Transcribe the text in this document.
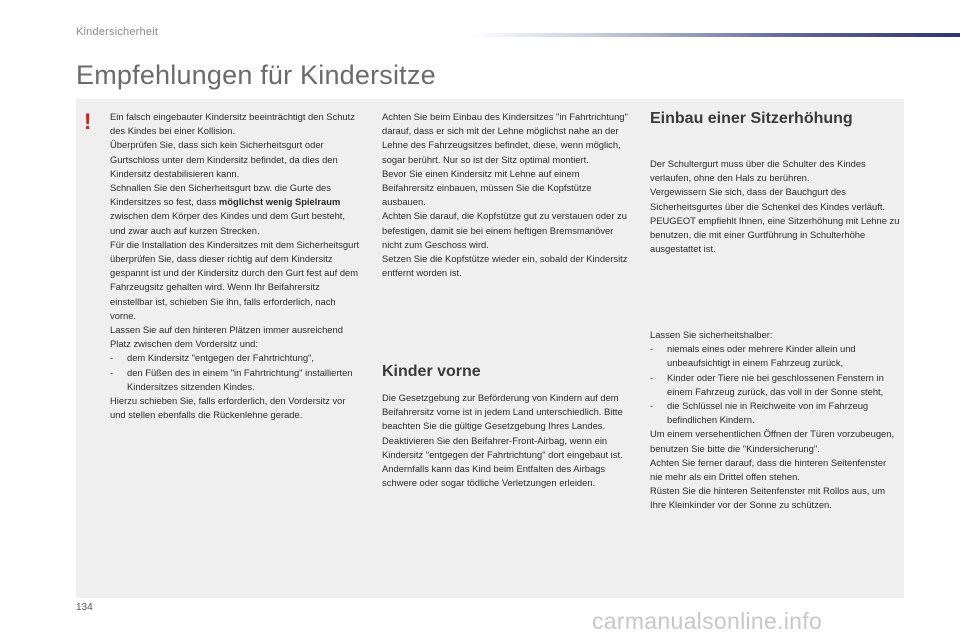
Kindersicherheit
Empfehlungen für Kindersitze
! Ein falsch eingebauter Kindersitz beeinträchtigt den Schutz des Kindes bei einer Kollision.

Überprüfen Sie, dass sich kein Sicherheitsgurt oder Gurtschloss unter dem Kindersitz befindet, da dies den Kindersitz destabilisieren kann.

Schnallen Sie den Sicherheitsgurt bzw. die Gurte des Kindersitzes so fest, dass möglichst wenig Spielraum zwischen dem Körper des Kindes und dem Gurt besteht, und zwar auch auf kurzen Strecken.

Für die Installation des Kindersitzes mit dem Sicherheitsgurt überprüfen Sie, dass dieser richtig auf dem Kindersitz gespannt ist und der Kindersitz durch den Gurt fest auf dem Fahrzeugsitz gehalten wird. Wenn Ihr Beifahrersitz einstellbar ist, schieben Sie ihn, falls erforderlich, nach vorne.

Lassen Sie auf den hinteren Plätzen immer ausreichend Platz zwischen dem Vordersitz und:

- dem Kindersitz "entgegen der Fahrtrichtung",

- den Füßen des in einem "in Fahrtrichtung" installierten Kindersitzes sitzenden Kindes.

Hierzu schieben Sie, falls erforderlich, den Vordersitz vor und stellen ebenfalls die Rückenlehne gerade.

Achten Sie beim Einbau des Kindersitzes "in Fahrtrichtung" darauf, dass er sich mit der Lehne möglichst nahe an der Lehne des Fahrzeugsitzes befindet, diese, wenn möglich, sogar berührt. Nur so ist der Sitz optimal montiert.

Bevor Sie einen Kindersitz mit Lehne auf einem Beifahrersitz einbauen, müssen Sie die Kopfstütze ausbauen.

Achten Sie darauf, die Kopfstütze gut zu verstauen oder zu befestigen, damit sie bei einem heftigen Bremsmanöver nicht zum Geschoss wird.

Setzen Sie die Kopfstütze wieder ein, sobald der Kindersitz entfernt worden ist.

Kinder vorne

Die Gesetzgebung zur Beförderung von Kindern auf dem Beifahrersitz vorne ist in jedem Land unterschiedlich. Bitte beachten Sie die gültige Gesetzgebung Ihres Landes.

Deaktivieren Sie den Beifahrer-Front-Airbag, wenn ein Kindersitz "entgegen der Fahrtrichtung" dort eingebaut ist. Andernfalls kann das Kind beim Entfalten des Airbags schwere oder sogar tödliche Verletzungen erleiden.

Einbau einer Sitzerhöhung

Der Schultergurt muss über die Schulter des Kindes verlaufen, ohne den Hals zu berühren.

Vergewissern Sie sich, dass der Bauchgurt des Sicherheitsgurtes über die Schenkel des Kindes verläuft.

PEUGEOT empfiehlt Ihnen, eine Sitzerhöhung mit Lehne zu benutzen, die mit einer Gurtführung in Schulterhöhe ausgestattet ist.

Lassen Sie sicherheitshalber:

- niemals eines oder mehrere Kinder allein und unbeaufsichtigt in einem Fahrzeug zurück,

- Kinder oder Tiere nie bei geschlossenen Fenstern in einem Fahrzeug zurück, das voll in der Sonne steht,

- die Schlüssel nie in Reichweite von im Fahrzeug befindlichen Kindern.

Um einem versehentlichen Öffnen der Türen vorzubeugen, benutzen Sie bitte die "Kindersicherung".

Achten Sie ferner darauf, dass die hinteren Seitenfenster nie mehr als ein Drittel offen stehen.

Rüsten Sie die hinteren Seitenfenster mit Rollos aus, um Ihre Kleinkinder vor der Sonne zu schützen.

134
carmanualsonline.info
